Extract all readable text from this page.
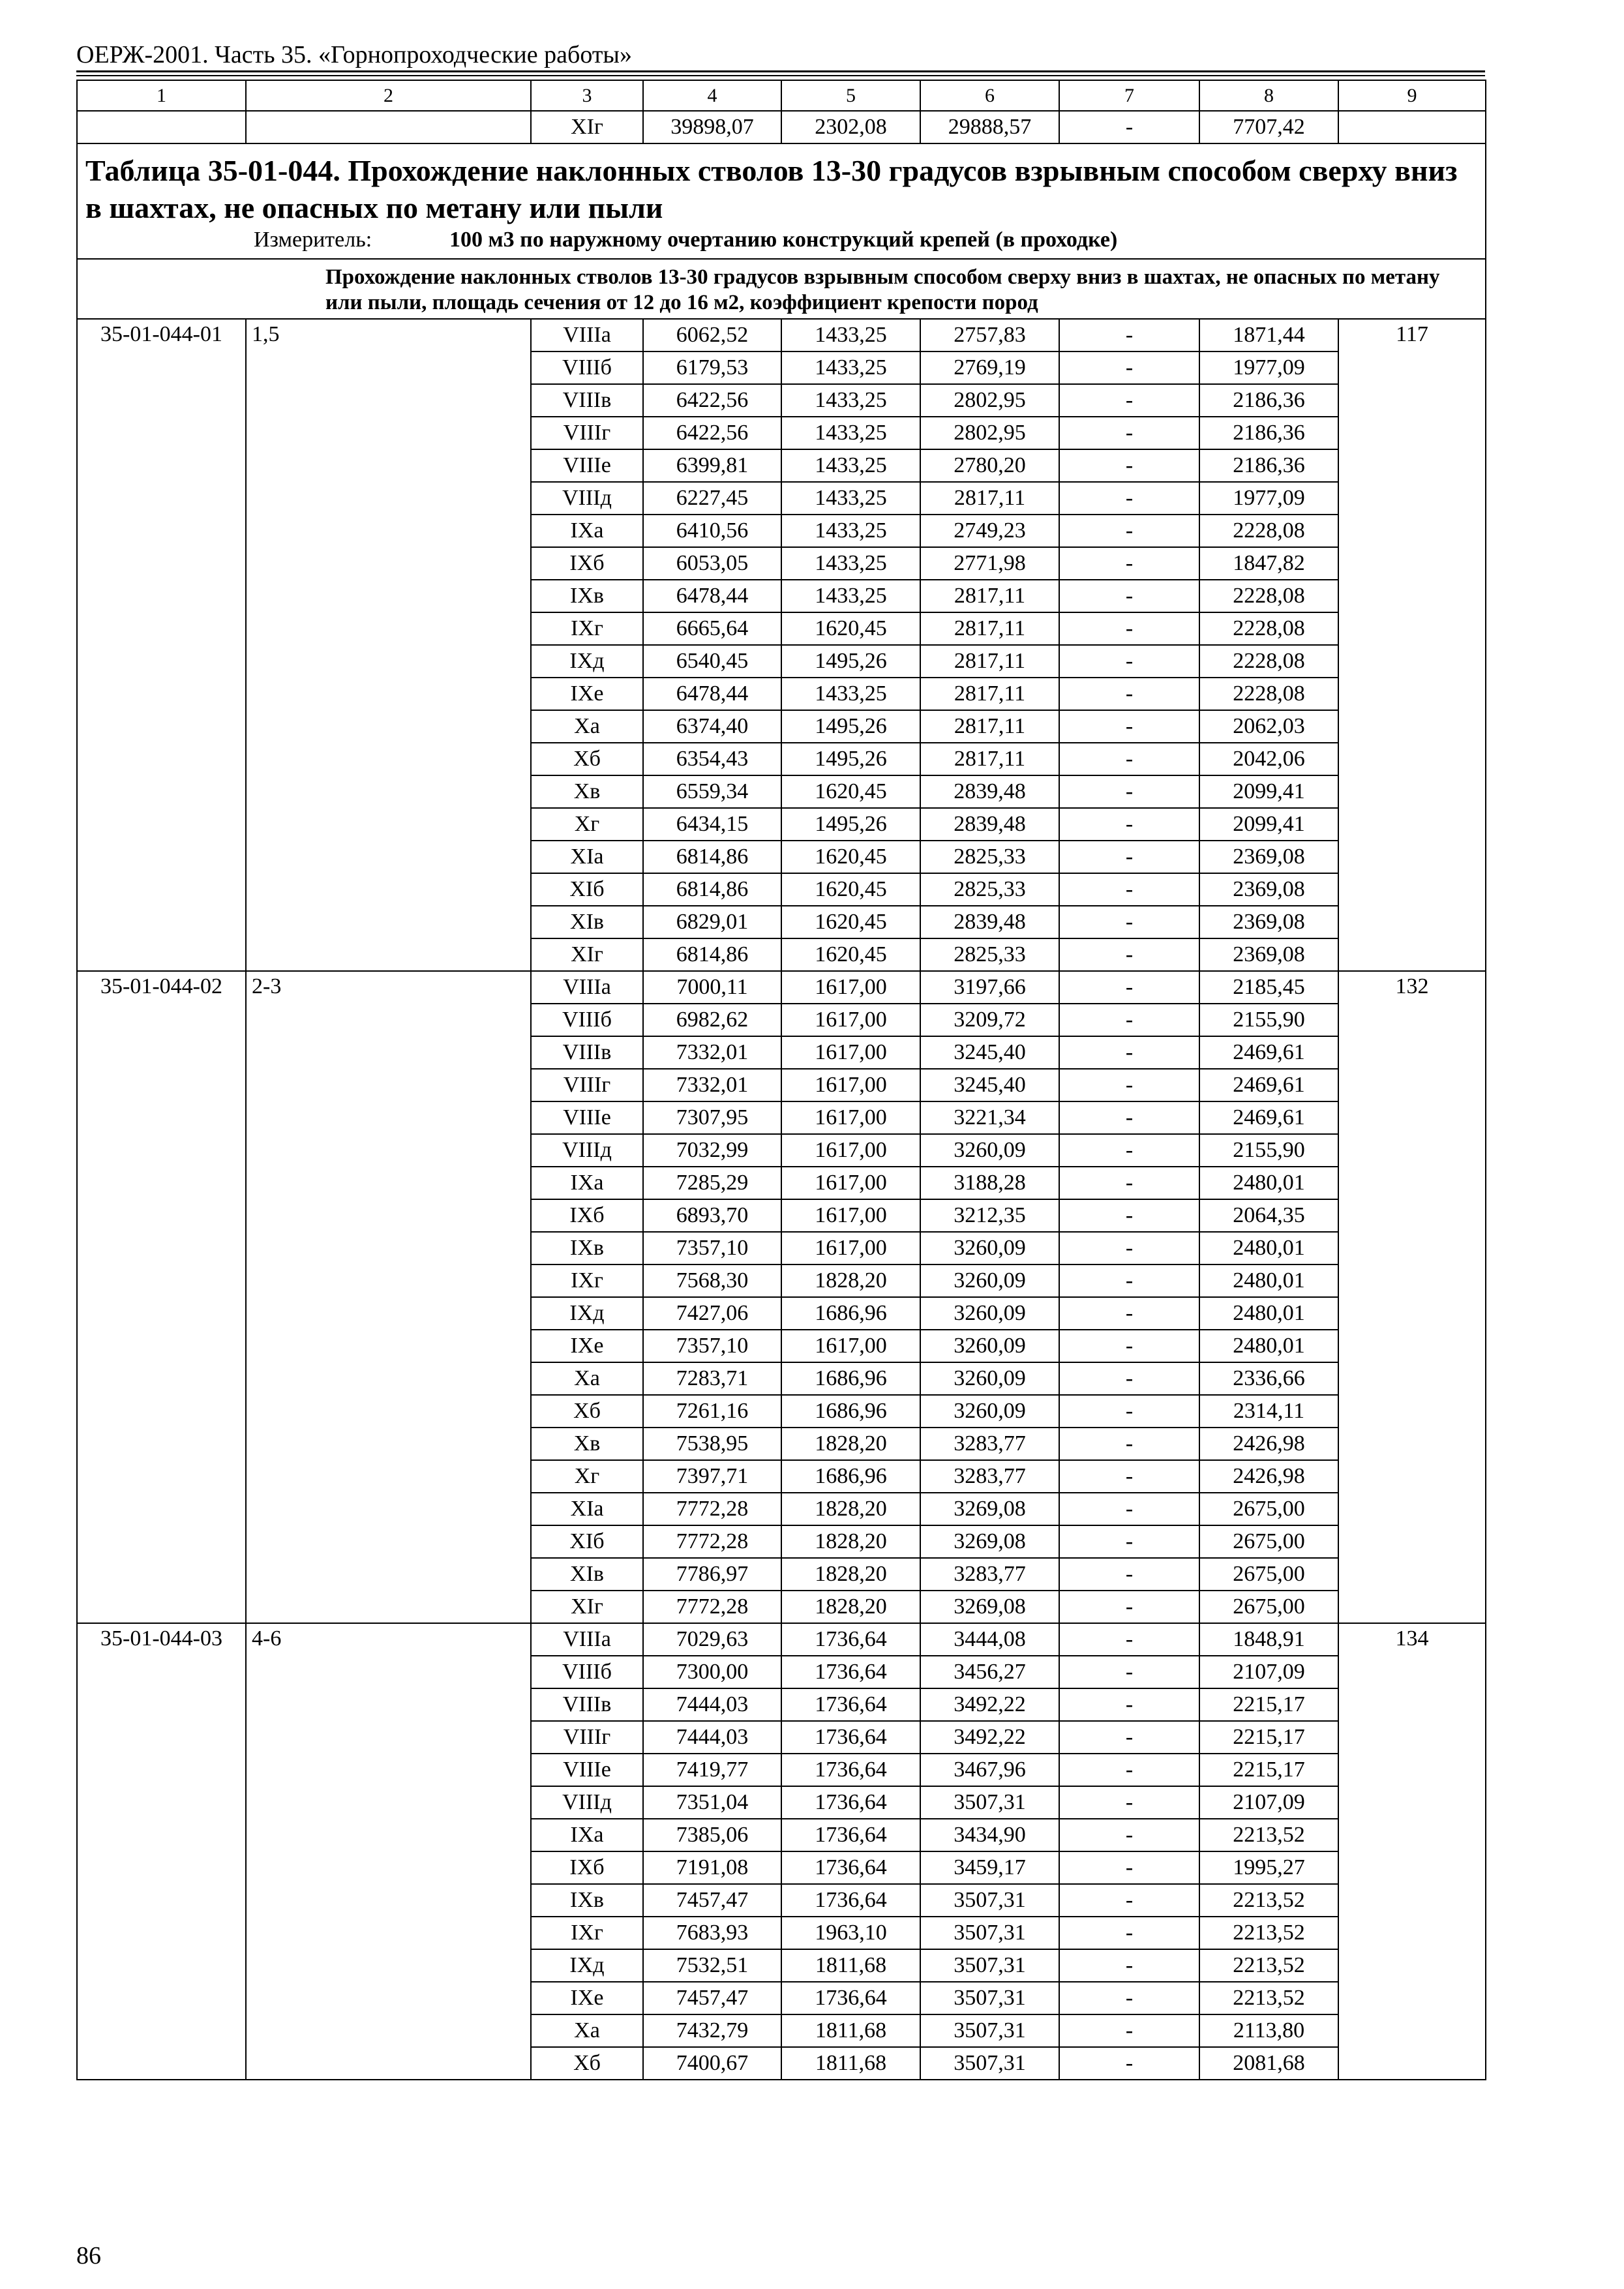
ОЕРЖ-2001. Часть 35. «Горнопроходческие работы»
1	2	3	4	5	6	7	8	9
		XIг	39898,07	2302,08	29888,57	-	7707,42	

Таблица 35-01-044. Прохождение наклонных стволов 13-30 градусов взрывным способом сверху вниз в шахтах, не опасных по метану или пыли
Измеритель: 100 м3 по наружному очертанию конструкций крепей (в проходке)								

Прохождение наклонных стволов 13-30 градусов взрывным способом сверху вниз в шахтах, не опасных по метану или пыли, площадь сечения от 12 до 16 м2, коэффициент крепости пород								
35-01-044-01	1,5	VIIIа	6062,52	1433,25	2757,83	-	1871,44	117
		VIIIб	6179,53	1433,25	2769,19	-	1977,09	
		VIIIв	6422,56	1433,25	2802,95	-	2186,36	
		VIIIг	6422,56	1433,25	2802,95	-	2186,36	
		VIIIе	6399,81	1433,25	2780,20	-	2186,36	
		VIIIд	6227,45	1433,25	2817,11	-	1977,09	
		IXа	6410,56	1433,25	2749,23	-	2228,08	
		IXб	6053,05	1433,25	2771,98	-	1847,82	
		IXв	6478,44	1433,25	2817,11	-	2228,08	
		IXг	6665,64	1620,45	2817,11	-	2228,08	
		IXд	6540,45	1495,26	2817,11	-	2228,08	
		IXе	6478,44	1433,25	2817,11	-	2228,08	
		Xа	6374,40	1495,26	2817,11	-	2062,03	
		Xб	6354,43	1495,26	2817,11	-	2042,06	
		Xв	6559,34	1620,45	2839,48	-	2099,41	
		Xг	6434,15	1495,26	2839,48	-	2099,41	
		XIа	6814,86	1620,45	2825,33	-	2369,08	
		XIб	6814,86	1620,45	2825,33	-	2369,08	
		XIв	6829,01	1620,45	2839,48	-	2369,08	
		XIг	6814,86	1620,45	2825,33	-	2369,08	
35-01-044-02	2-3	VIIIа	7000,11	1617,00	3197,66	-	2185,45	132
		VIIIб	6982,62	1617,00	3209,72	-	2155,90	
		VIIIв	7332,01	1617,00	3245,40	-	2469,61	
		VIIIг	7332,01	1617,00	3245,40	-	2469,61	
		VIIIе	7307,95	1617,00	3221,34	-	2469,61	
		VIIIд	7032,99	1617,00	3260,09	-	2155,90	
		IXа	7285,29	1617,00	3188,28	-	2480,01	
		IXб	6893,70	1617,00	3212,35	-	2064,35	
		IXв	7357,10	1617,00	3260,09	-	2480,01	
		IXг	7568,30	1828,20	3260,09	-	2480,01	
		IXд	7427,06	1686,96	3260,09	-	2480,01	
		IXе	7357,10	1617,00	3260,09	-	2480,01	
		Xа	7283,71	1686,96	3260,09	-	2336,66	
		Xб	7261,16	1686,96	3260,09	-	2314,11	
		Xв	7538,95	1828,20	3283,77	-	2426,98	
		Xг	7397,71	1686,96	3283,77	-	2426,98	
		XIа	7772,28	1828,20	3269,08	-	2675,00	
		XIб	7772,28	1828,20	3269,08	-	2675,00	
		XIв	7786,97	1828,20	3283,77	-	2675,00	
		XIг	7772,28	1828,20	3269,08	-	2675,00	
35-01-044-03	4-6	VIIIа	7029,63	1736,64	3444,08	-	1848,91	134
		VIIIб	7300,00	1736,64	3456,27	-	2107,09	
		VIIIв	7444,03	1736,64	3492,22	-	2215,17	
		VIIIг	7444,03	1736,64	3492,22	-	2215,17	
		VIIIе	7419,77	1736,64	3467,96	-	2215,17	
		VIIIд	7351,04	1736,64	3507,31	-	2107,09	
		IXа	7385,06	1736,64	3434,90	-	2213,52	
		IXб	7191,08	1736,64	3459,17	-	1995,27	
		IXв	7457,47	1736,64	3507,31	-	2213,52	
		IXг	7683,93	1963,10	3507,31	-	2213,52	
		IXд	7532,51	1811,68	3507,31	-	2213,52	
		IXе	7457,47	1736,64	3507,31	-	2213,52	
		Xа	7432,79	1811,68	3507,31	-	2113,80	
		Xб	7400,67	1811,68	3507,31	-	2081,68	
86
